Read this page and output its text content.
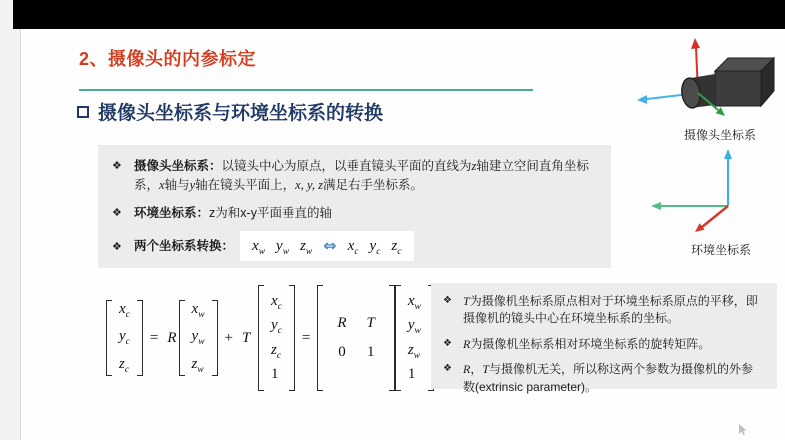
2、摄像头的内参标定
摄像头坐标系与环境坐标系的转换
❖ 摄像头坐标系：以镜头中心为原点，以垂直镜头平面的直线为z轴建立空间直角坐标系，x轴与y轴在镜头平面上，x, y, z满足右手坐标系。
❖ 环境坐标系：z为和x-y平面垂直的轴
❖ 两个坐标系转换： $x_w$ $y_w$ $z_w$ ⇔ $x_c$ $y_c$ $z_c$
$x_c$
$y_c$
$z_c$
= R
$x_w$
$y_w$
$z_w$
+ T
$x_c$
$y_c$
$z_c$
1
=
R T
0 1
$x_w$
$y_w$
$z_w$
1
❖ T为摄像机坐标系原点相对于环境坐标系原点的平移，即摄像机的镜头中心在环境坐标系的坐标。
❖ R为摄像机坐标系相对环境坐标系的旋转矩阵。
❖ R，T与摄像机无关，所以称这两个参数为摄像机的外参数(extrinsic parameter)。
摄像头坐标系
环境坐标系
